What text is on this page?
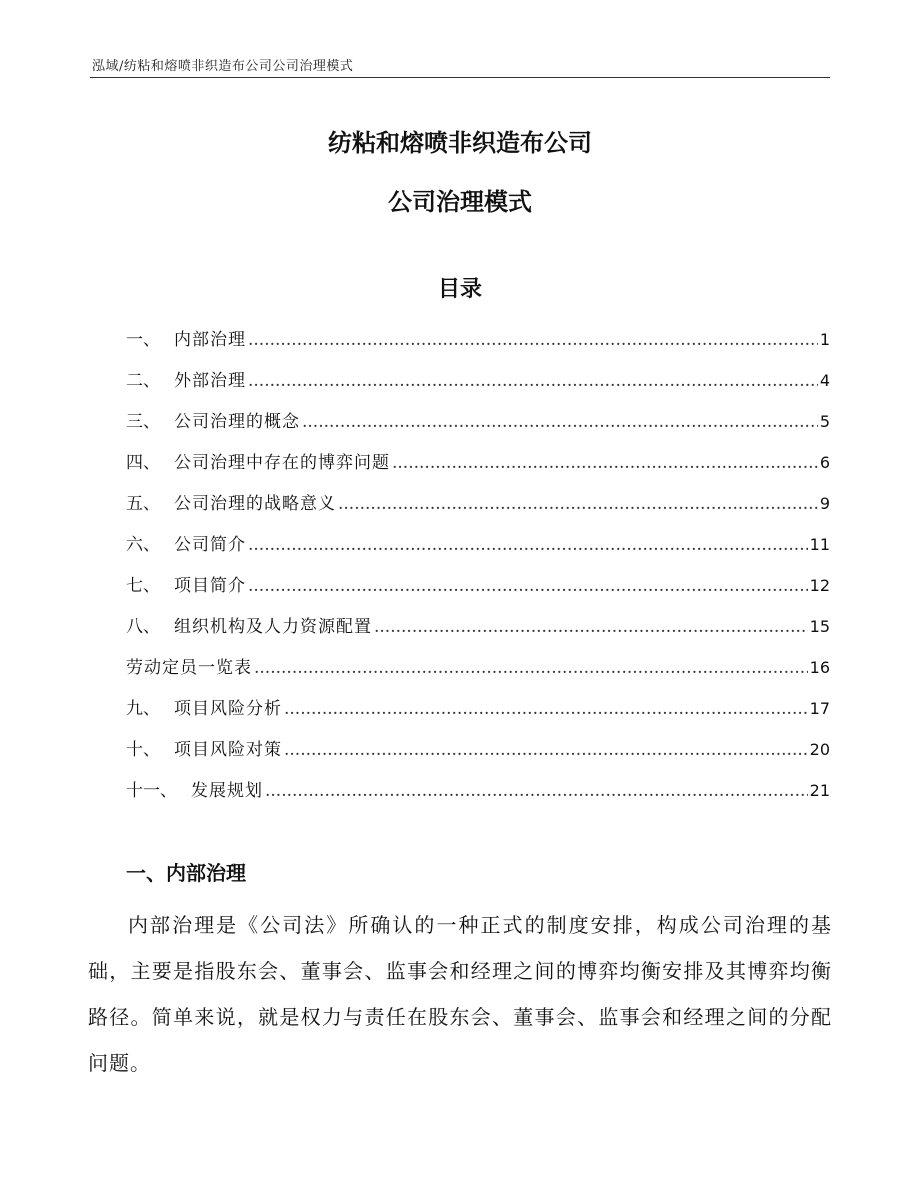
泓域/纺粘和熔喷非织造布公司公司治理模式
纺粘和熔喷非织造布公司
公司治理模式
目录
一、 内部治理 .....	1
二、 外部治理 .....	4
三、 公司治理的概念 .....	5
四、 公司治理中存在的博弈问题 .....	6
五、 公司治理的战略意义 .....	9
六、 公司简介 .....	11
七、 项目简介 .....	12
八、 组织机构及人力资源配置 .....	15
劳动定员一览表 .....	16
九、 项目风险分析 .....	17
十、 项目风险对策 .....	20
十一、 发展规划 .....	21
一、内部治理
内部治理是《公司法》所确认的一种正式的制度安排，构成公司治理的基础，主要是指股东会、董事会、监事会和经理之间的博弈均衡安排及其博弈均衡路径。简单来说，就是权力与责任在股东会、董事会、监事会和经理之间的分配问题。
